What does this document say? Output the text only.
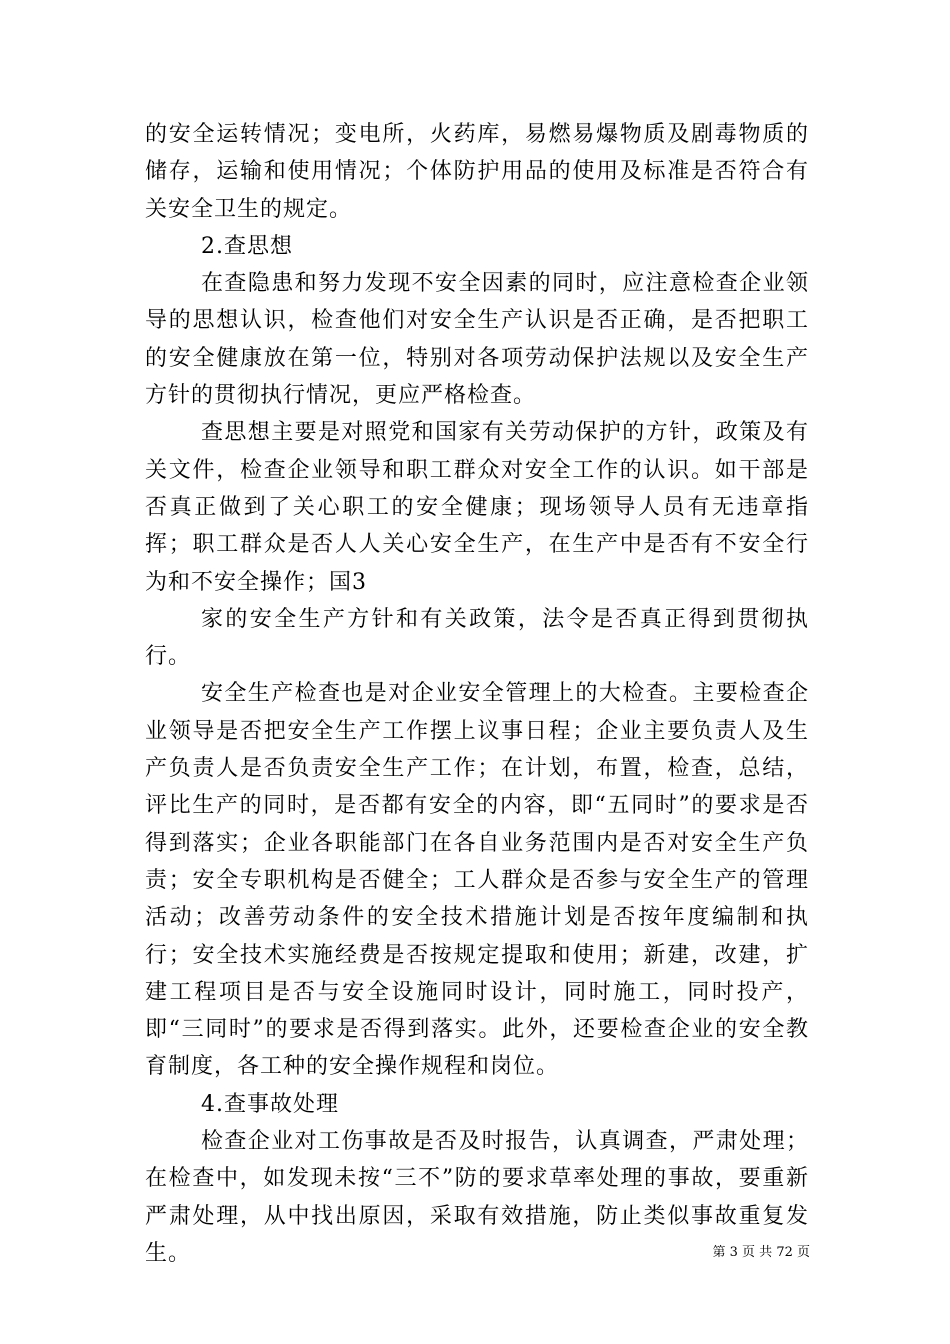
的安全运转情况；变电所，火药库，易燃易爆物质及剧毒物质的储存，运输和使用情况；个体防护用品的使用及标准是否符合有关安全卫生的规定。

2.查思想

在查隐患和努力发现不安全因素的同时，应注意检查企业领导的思想认识，检查他们对安全生产认识是否正确，是否把职工的安全健康放在第一位，特别对各项劳动保护法规以及安全生产方针的贯彻执行情况，更应严格检查。

查思想主要是对照党和国家有关劳动保护的方针，政策及有关文件，检查企业领导和职工群众对安全工作的认识。如干部是否真正做到了关心职工的安全健康；现场领导人员有无违章指挥；职工群众是否人人关心安全生产，在生产中是否有不安全行为和不安全操作；国3

家的安全生产方针和有关政策，法令是否真正得到贯彻执行。

安全生产检查也是对企业安全管理上的大检查。主要检查企业领导是否把安全生产工作摆上议事日程；企业主要负责人及生产负责人是否负责安全生产工作；在计划，布置，检查，总结，评比生产的同时，是否都有安全的内容，即“五同时”的要求是否得到落实；企业各职能部门在各自业务范围内是否对安全生产负责；安全专职机构是否健全；工人群众是否参与安全生产的管理活动；改善劳动条件的安全技术措施计划是否按年度编制和执行；安全技术实施经费是否按规定提取和使用；新建，改建，扩建工程项目是否与安全设施同时设计，同时施工，同时投产，即“三同时”的要求是否得到落实。此外，还要检查企业的安全教育制度，各工种的安全操作规程和岗位。

4.查事故处理

检查企业对工伤事故是否及时报告，认真调查，严肃处理；在检查中，如发现未按“三不”防的要求草率处理的事故，要重新严肃处理，从中找出原因，采取有效措施，防止类似事故重复发生。	第 3 页 共 72 页
